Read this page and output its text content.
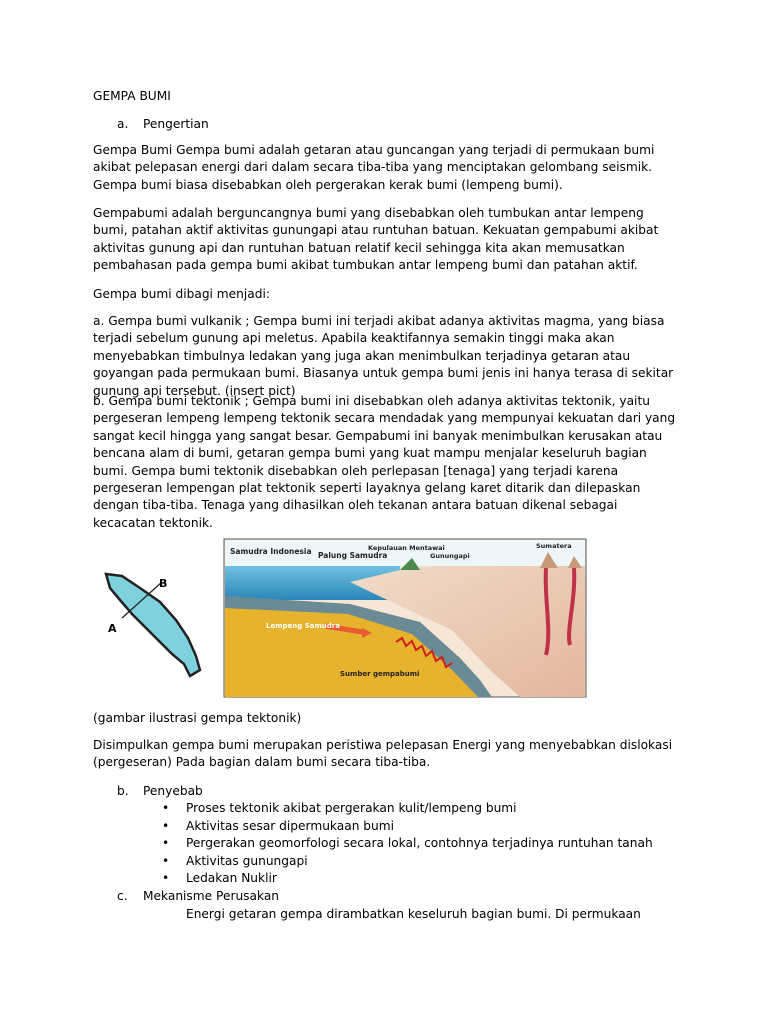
GEMPA BUMI

a. Pengertian

Gempa Bumi Gempa bumi adalah getaran atau guncangan yang terjadi di permukaan bumi akibat pelepasan energi dari dalam secara tiba-tiba yang menciptakan gelombang seismik. Gempa bumi biasa disebabkan oleh pergerakan kerak bumi (lempeng bumi).

Gempabumi adalah berguncangnya bumi yang disebabkan oleh tumbukan antar lempeng bumi, patahan aktif aktivitas gunungapi atau runtuhan batuan. Kekuatan gempabumi akibat aktivitas gunung api dan runtuhan batuan relatif kecil sehingga kita akan memusatkan pembahasan pada gempa bumi akibat tumbukan antar lempeng bumi dan patahan aktif.

Gempa bumi dibagi menjadi:

a. Gempa bumi vulkanik ; Gempa bumi ini terjadi akibat adanya aktivitas magma, yang biasa terjadi sebelum gunung api meletus. Apabila keaktifannya semakin tinggi maka akan menyebabkan timbulnya ledakan yang juga akan menimbulkan terjadinya getaran atau goyangan pada permukaan bumi. Biasanya untuk gempa bumi jenis ini hanya terasa di sekitar gunung api tersebut. (insert pict)

b. Gempa bumi tektonik ; Gempa bumi ini disebabkan oleh adanya aktivitas tektonik, yaitu pergeseran lempeng lempeng tektonik secara mendadak yang mempunyai kekuatan dari yang sangat kecil hingga yang sangat besar. Gempabumi ini banyak menimbulkan kerusakan atau bencana alam di bumi, getaran gempa bumi yang kuat mampu menjalar keseluruh bagian bumi. Gempa bumi tektonik disebabkan oleh perlepasan [tenaga] yang terjadi karena pergeseran lempengan plat tektonik seperti layaknya gelang karet ditarik dan dilepaskan dengan tiba-tiba. Tenaga yang dihasilkan oleh tekanan antara batuan dikenal sebagai kecacatan tektonik.

B
A
Samudra Indonesia Palung Samudra
Kepulauan Mentawai
Gunungapi
Sumatera
Lempeng Samudra
Sumber gempabumi

(gambar ilustrasi gempa tektonik)

Disimpulkan gempa bumi merupakan peristiwa pelepasan Energi yang menyebabkan dislokasi (pergeseran) Pada bagian dalam bumi secara tiba-tiba.

b. Penyebab

• Proses tektonik akibat pergerakan kulit/lempeng bumi

• Aktivitas sesar dipermukaan bumi

• Pergerakan geomorfologi secara lokal, contohnya terjadinya runtuhan tanah

• Aktivitas gunungapi

• Ledakan Nuklir

c. Mekanisme Perusakan

Energi getaran gempa dirambatkan keseluruh bagian bumi. Di permukaan
